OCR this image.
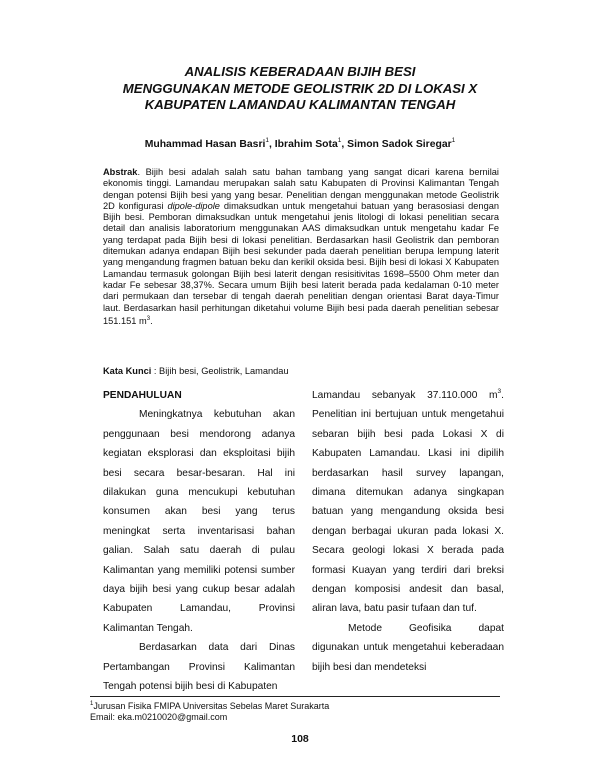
ANALISIS KEBERADAAN BIJIH BESI
MENGGUNAKAN METODE GEOLISTRIK 2D DI LOKASI X
KABUPATEN LAMANDAU KALIMANTAN TENGAH
Muhammad Hasan Basri$^1$, Ibrahim Sota$^1$, Simon Sadok Siregar$^1$
Abstrak. Bijih besi adalah salah satu bahan tambang yang sangat dicari karena bernilai ekonomis tinggi. Lamandau merupakan salah satu Kabupaten di Provinsi Kalimantan Tengah dengan potensi Bijih besi yang yang besar. Penelitian dengan menggunakan metode Geolistrik 2D konfigurasi dipole-dipole dimaksudkan untuk mengetahui batuan yang berasosiasi dengan Bijih besi. Pemboran dimaksudkan untuk mengetahui jenis litologi di lokasi penelitian secara detail dan analisis laboratorium menggunakan AAS dimaksudkan untuk mengetahu kadar Fe yang terdapat pada Bijih besi di lokasi penelitian. Berdasarkan hasil Geolistrik dan pemboran ditemukan adanya endapan Bijih besi sekunder pada daerah penelitian berupa lempung laterit yang mengandung fragmen batuan beku dan kerikil oksida besi. Bijih besi di lokasi X Kabupaten Lamandau termasuk golongan Bijih besi laterit dengan resisitivitas 1698–5500 Ohm meter dan kadar Fe sebesar 38,37%. Secara umum Bijih besi laterit berada pada kedalaman 0-10 meter dari permukaan dan tersebar di tengah daerah penelitian dengan orientasi Barat daya-Timur laut. Berdasarkan hasil perhitungan diketahui volume Bijih besi pada daerah penelitian sebesar 151.151 $m^3$.
Kata Kunci : Bijih besi, Geolistrik, Lamandau

PENDAHULUAN

Meningkatnya kebutuhan akan penggunaan besi mendorong adanya kegiatan eksplorasi dan eksploitasi bijih besi secara besar-besaran. Hal ini dilakukan guna mencukupi kebutuhan konsumen akan besi yang terus meningkat serta inventarisasi bahan galian. Salah satu daerah di pulau Kalimantan yang memiliki potensi sumber daya bijih besi yang cukup besar adalah Kabupaten Lamandau, Provinsi Kalimantan Tengah.

Berdasarkan data dari Dinas Pertambangan Provinsi Kalimantan Tengah potensi bijih besi di Kabupaten

Lamandau sebanyak 37.110.000 $m^3$. Penelitian ini bertujuan untuk mengetahui sebaran bijih besi pada Lokasi X di Kabupaten Lamandau. Lkasi ini dipilih berdasarkan hasil survey lapangan, dimana ditemukan adanya singkapan batuan yang mengandung oksida besi dengan berbagai ukuran pada lokasi X. Secara geologi lokasi X berada pada formasi Kuayan yang terdiri dari breksi dengan komposisi andesit dan basal, aliran lava, batu pasir tufaan dan tuf.

Metode Geofisika dapat digunakan untuk mengetahui keberadaan bijih besi dan mendeteksi

$^1$Jurusan Fisika FMIPA Universitas Sebelas Maret Surakarta
Email: eka.m0210020@gmail.com
108
